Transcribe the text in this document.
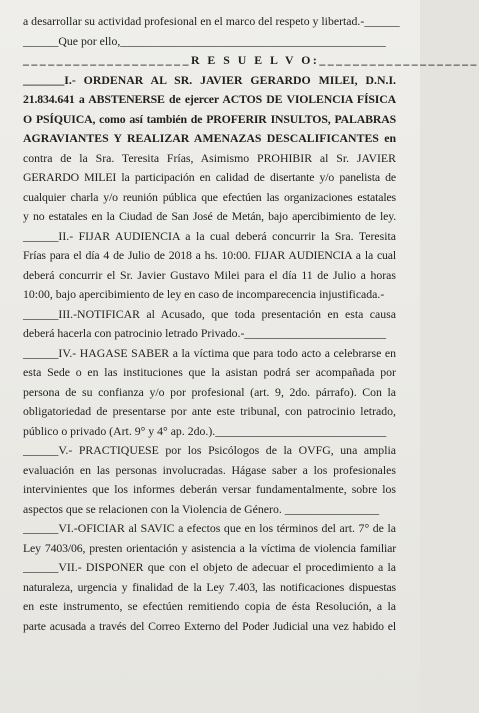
a desarrollar su actividad profesional en el marco del respeto y libertad.-______
______Que por ello,_____________________________________________
____________________R E S U E L V O:___________________
_______I.- ORDENAR AL SR. JAVIER GERARDO MILEI, D.N.I.
21.834.641 a ABSTENERSE de ejercer ACTOS DE VIOLENCIA FÍSICA
O PSÍQUICA, como así también de PROFERIR INSULTOS, PALABRAS
AGRAVIANTES Y REALIZAR AMENAZAS DESCALIFICANTES en
contra de la Sra. Teresita Frías, Asimismo PROHIBIR al Sr. JAVIER
GERARDO MILEI la participación en calidad de disertante y/o panelista de
cualquier charla y/o reunión pública que efectúen las organizaciones estatales
y no estatales en la Ciudad de San José de Metán, bajo apercibimiento de ley.
______II.- FIJAR AUDIENCIA a la cual deberá concurrir la Sra. Teresita
Frías para el día 4 de Julio de 2018 a hs. 10:00. FIJAR AUDIENCIA a la cual
deberá concurrir el Sr. Javier Gustavo Milei para el día 11 de Julio a horas
10:00, bajo apercibimiento de ley en caso de incomparecencia injustificada.-
______III.-NOTIFICAR al Acusado, que toda presentación en esta causa
deberá hacerla con patrocinio letrado Privado.-________________________
______IV.- HAGASE SABER a la víctima que para todo acto a celebrarse en
esta Sede o en las instituciones que la asistan podrá ser acompañada por
persona de su confianza y/o por profesional (art. 9, 2do. párrafo). Con la
obligatoriedad de presentarse por ante este tribunal, con patrocinio letrado,
público o privado (Art. 9° y 4° ap. 2do.)._____________________________
______V.- PRACTIQUESE por los Psicólogos de la OVFG, una amplia
evaluación en las personas involucradas. Hágase saber a los profesionales
intervinientes que los informes deberán versar fundamentalmente, sobre los
aspectos que se relacionen con la Violencia de Género. ________________
______VI.-OFICIAR al SAVIC a efectos que en los términos del art. 7° de la
Ley 7403/06, presten orientación y asistencia a la víctima de violencia familiar
______VII.- DISPONER que con el objeto de adecuar el procedimiento a la
naturaleza, urgencia y finalidad de la Ley 7.403, las notificaciones dispuestas
en este instrumento, se efectúen remitiendo copia de ésta Resolución, a la
parte acusada a través del Correo Externo del Poder Judicial una vez habido el
